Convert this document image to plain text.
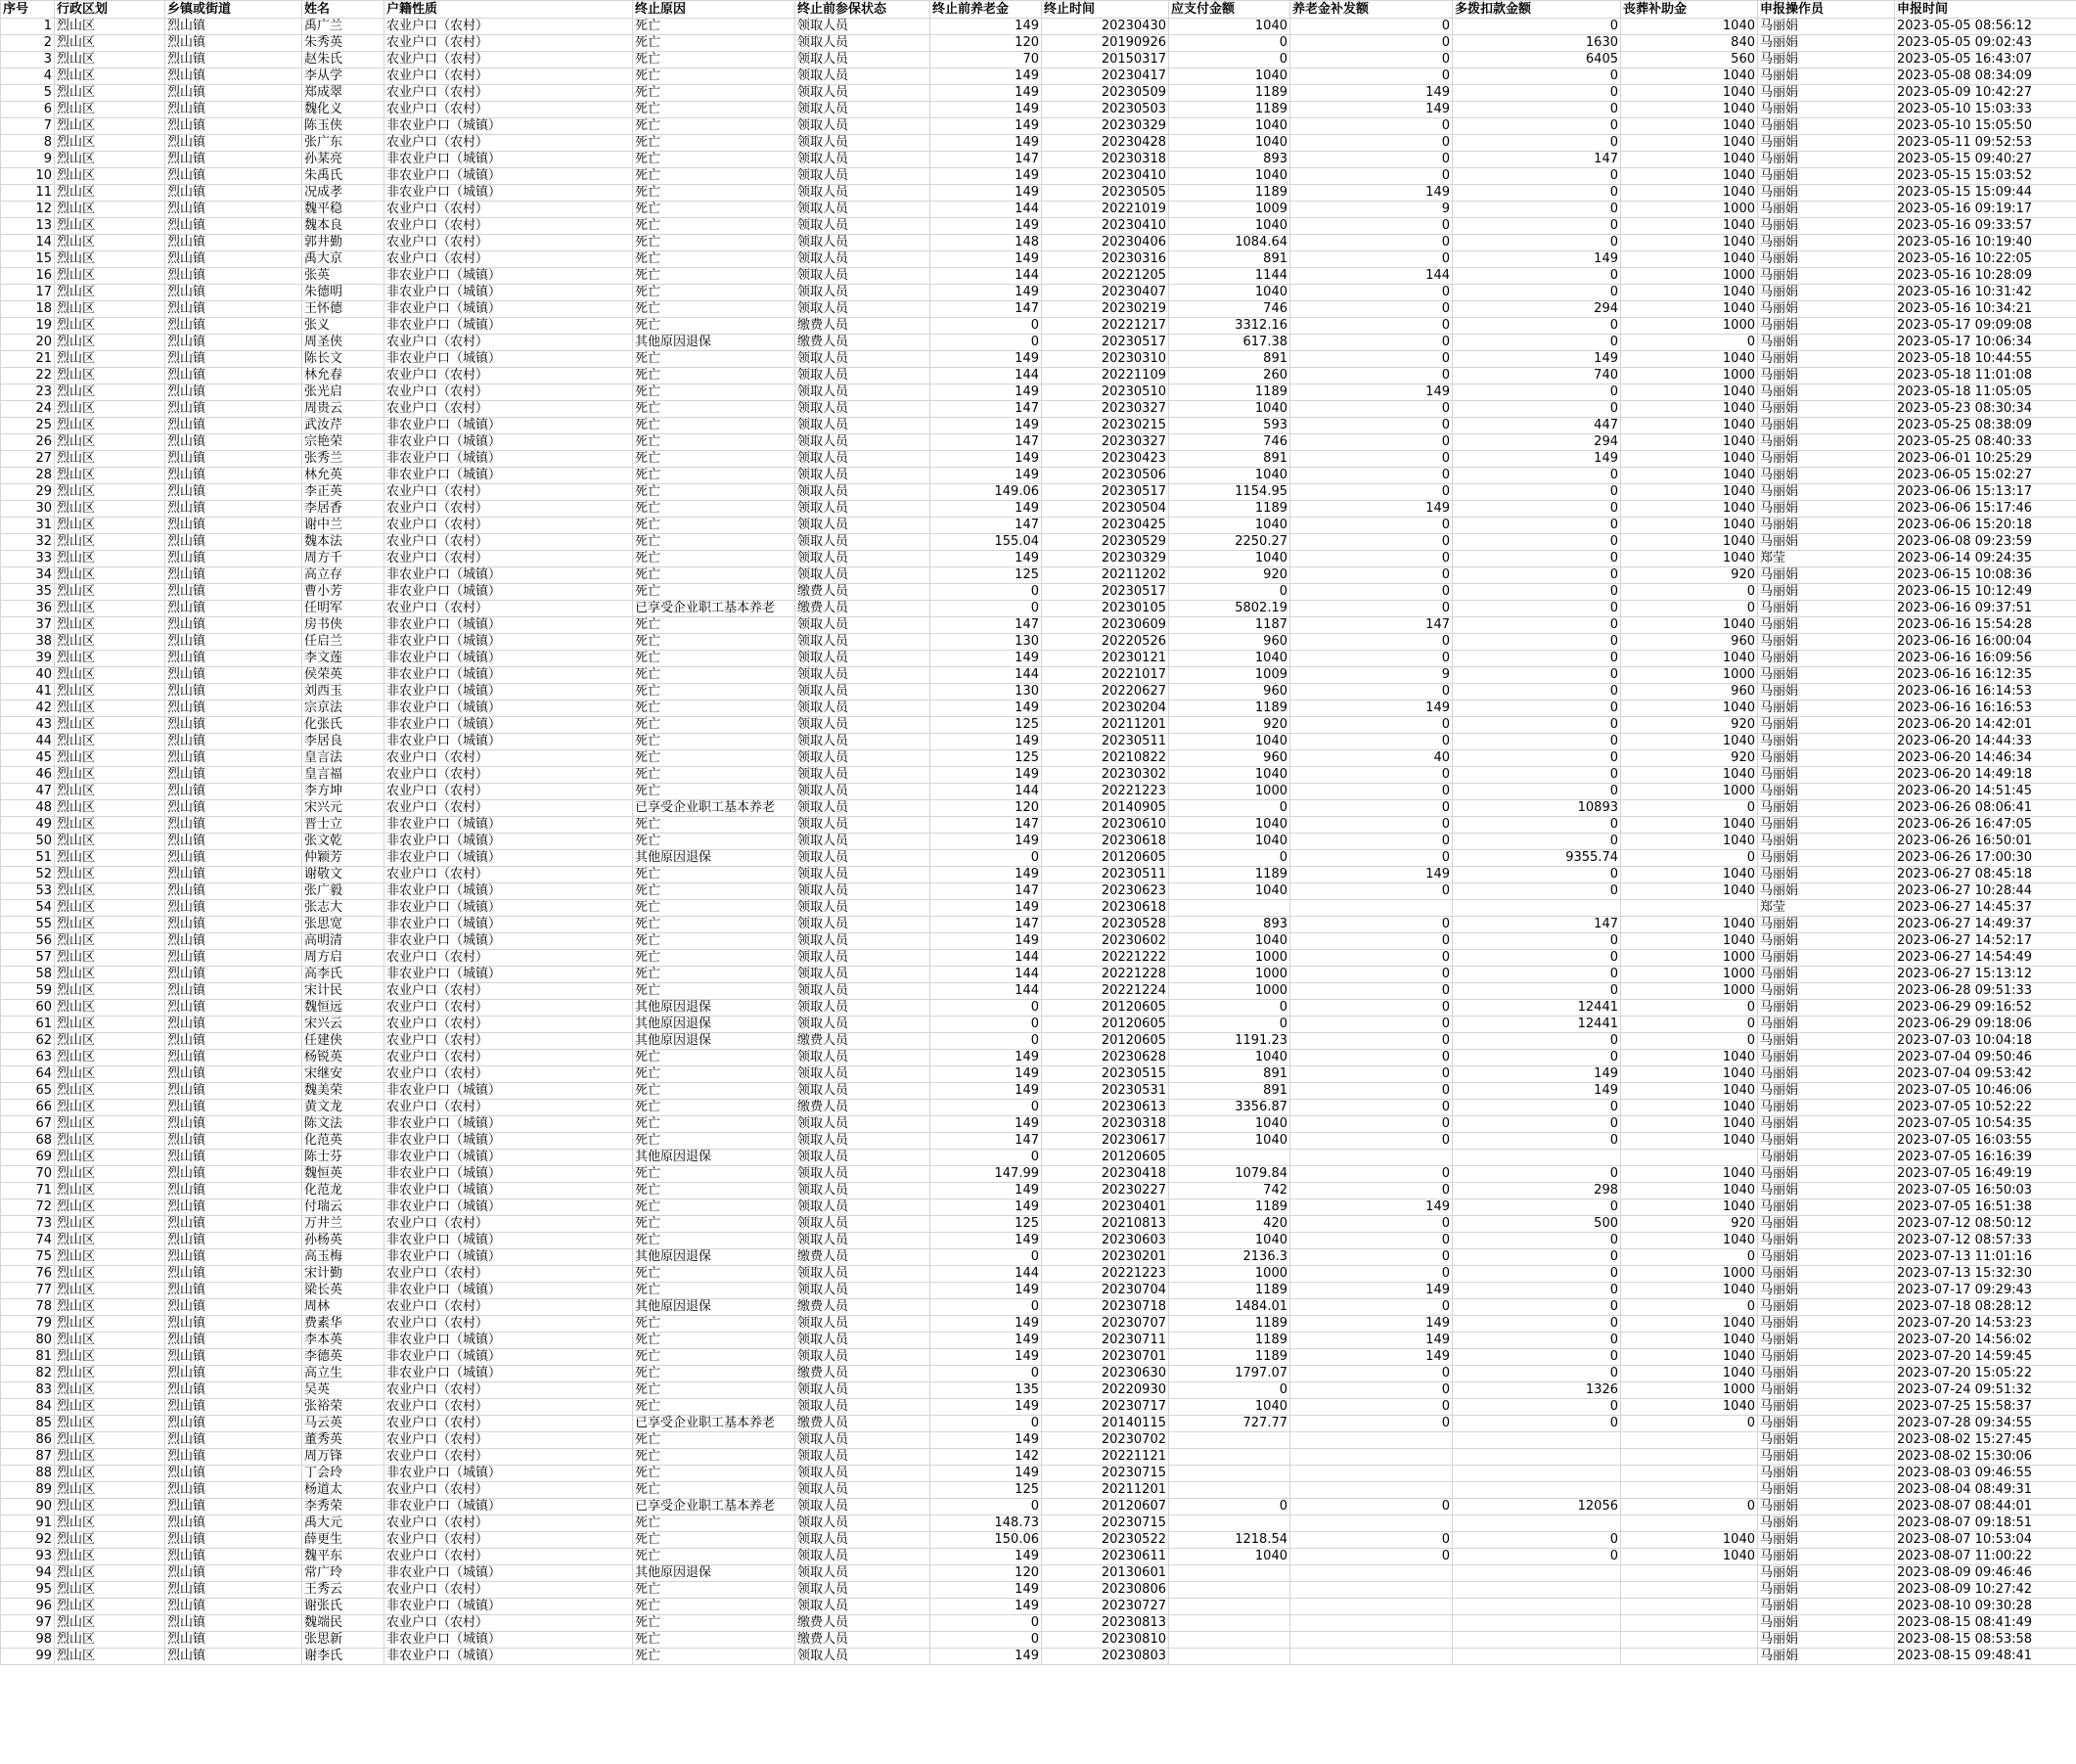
序号	行政区划	乡镇或街道	姓名	户籍性质	终止原因	终止前参保状态	终止前养老金	终止时间	应支付金额	养老金补发额	多拨扣款金额	丧葬补助金	申报操作员	申报时间
1	烈山区	烈山镇	禹广兰	农业户口（农村）	死亡	领取人员	149	20230430	1040	0	0	1040	马丽娟	2023-05-05 08:56:12
2	烈山区	烈山镇	朱秀英	农业户口（农村）	死亡	领取人员	120	20190926	0	0	1630	840	马丽娟	2023-05-05 09:02:43
3	烈山区	烈山镇	赵朱氏	农业户口（农村）	死亡	领取人员	70	20150317	0	0	6405	560	马丽娟	2023-05-05 16:43:07
4	烈山区	烈山镇	李从学	农业户口（农村）	死亡	领取人员	149	20230417	1040	0	0	1040	马丽娟	2023-05-08 08:34:09
5	烈山区	烈山镇	郑成翠	农业户口（农村）	死亡	领取人员	149	20230509	1189	149	0	1040	马丽娟	2023-05-09 10:42:27
6	烈山区	烈山镇	魏化义	农业户口（农村）	死亡	领取人员	149	20230503	1189	149	0	1040	马丽娟	2023-05-10 15:03:33
7	烈山区	烈山镇	陈玉侠	非农业户口（城镇）	死亡	领取人员	149	20230329	1040	0	0	1040	马丽娟	2023-05-10 15:05:50
8	烈山区	烈山镇	张广东	农业户口（农村）	死亡	领取人员	149	20230428	1040	0	0	1040	马丽娟	2023-05-11 09:52:53
9	烈山区	烈山镇	孙某亮	非农业户口（城镇）	死亡	领取人员	147	20230318	893	0	147	1040	马丽娟	2023-05-15 09:40:27
10	烈山区	烈山镇	朱禹氏	非农业户口（城镇）	死亡	领取人员	149	20230410	1040	0	0	1040	马丽娟	2023-05-15 15:03:52
11	烈山区	烈山镇	况成孝	非农业户口（城镇）	死亡	领取人员	149	20230505	1189	149	0	1040	马丽娟	2023-05-15 15:09:44
12	烈山区	烈山镇	魏平稳	农业户口（农村）	死亡	领取人员	144	20221019	1009	9	0	1000	马丽娟	2023-05-16 09:19:17
13	烈山区	烈山镇	魏本良	农业户口（农村）	死亡	领取人员	149	20230410	1040	0	0	1040	马丽娟	2023-05-16 09:33:57
14	烈山区	烈山镇	郭井勤	农业户口（农村）	死亡	领取人员	148	20230406	1084.64	0	0	1040	马丽娟	2023-05-16 10:19:40
15	烈山区	烈山镇	禹大京	农业户口（农村）	死亡	领取人员	149	20230316	891	0	149	1040	马丽娟	2023-05-16 10:22:05
16	烈山区	烈山镇	张英	非农业户口（城镇）	死亡	领取人员	144	20221205	1144	144	0	1000	马丽娟	2023-05-16 10:28:09
17	烈山区	烈山镇	朱德明	非农业户口（城镇）	死亡	领取人员	149	20230407	1040	0	0	1040	马丽娟	2023-05-16 10:31:42
18	烈山区	烈山镇	王怀德	非农业户口（城镇）	死亡	领取人员	147	20230219	746	0	294	1040	马丽娟	2023-05-16 10:34:21
19	烈山区	烈山镇	张义	非农业户口（城镇）	死亡	缴费人员	0	20221217	3312.16	0	0	1000	马丽娟	2023-05-17 09:09:08
20	烈山区	烈山镇	周圣侠	农业户口（农村）	其他原因退保	缴费人员	0	20230517	617.38	0	0	0	马丽娟	2023-05-17 10:06:34
21	烈山区	烈山镇	陈长文	非农业户口（城镇）	死亡	领取人员	149	20230310	891	0	149	1040	马丽娟	2023-05-18 10:44:55
22	烈山区	烈山镇	林允春	农业户口（农村）	死亡	领取人员	144	20221109	260	0	740	1000	马丽娟	2023-05-18 11:01:08
23	烈山区	烈山镇	张光启	农业户口（农村）	死亡	领取人员	149	20230510	1189	149	0	1040	马丽娟	2023-05-18 11:05:05
24	烈山区	烈山镇	周贵云	农业户口（农村）	死亡	领取人员	147	20230327	1040	0	0	1040	马丽娟	2023-05-23 08:30:34
25	烈山区	烈山镇	武汝芹	非农业户口（城镇）	死亡	领取人员	149	20230215	593	0	447	1040	马丽娟	2023-05-25 08:38:09
26	烈山区	烈山镇	宗艳荣	非农业户口（城镇）	死亡	领取人员	147	20230327	746	0	294	1040	马丽娟	2023-05-25 08:40:33
27	烈山区	烈山镇	张秀兰	非农业户口（城镇）	死亡	领取人员	149	20230423	891	0	149	1040	马丽娟	2023-06-01 10:25:29
28	烈山区	烈山镇	林允英	非农业户口（城镇）	死亡	领取人员	149	20230506	1040	0	0	1040	马丽娟	2023-06-05 15:02:27
29	烈山区	烈山镇	李正英	农业户口（农村）	死亡	领取人员	149.06	20230517	1154.95	0	0	1040	马丽娟	2023-06-06 15:13:17
30	烈山区	烈山镇	李居香	农业户口（农村）	死亡	领取人员	149	20230504	1189	149	0	1040	马丽娟	2023-06-06 15:17:46
31	烈山区	烈山镇	谢中兰	农业户口（农村）	死亡	领取人员	147	20230425	1040	0	0	1040	马丽娟	2023-06-06 15:20:18
32	烈山区	烈山镇	魏本法	农业户口（农村）	死亡	领取人员	155.04	20230529	2250.27	0	0	1040	马丽娟	2023-06-08 09:23:59
33	烈山区	烈山镇	周方千	农业户口（农村）	死亡	领取人员	149	20230329	1040	0	0	1040	郑莹	2023-06-14 09:24:35
34	烈山区	烈山镇	高立存	非农业户口（城镇）	死亡	领取人员	125	20211202	920	0	0	920	马丽娟	2023-06-15 10:08:36
35	烈山区	烈山镇	曹小芳	非农业户口（城镇）	死亡	缴费人员	0	20230517	0	0	0	0	马丽娟	2023-06-15 10:12:49
36	烈山区	烈山镇	任明军	农业户口（农村）	已享受企业职工基本养老	缴费人员	0	20230105	5802.19	0	0	0	马丽娟	2023-06-16 09:37:51
37	烈山区	烈山镇	房书侠	非农业户口（城镇）	死亡	领取人员	147	20230609	1187	147	0	1040	马丽娟	2023-06-16 15:54:28
38	烈山区	烈山镇	任启兰	非农业户口（城镇）	死亡	领取人员	130	20220526	960	0	0	960	马丽娟	2023-06-16 16:00:04
39	烈山区	烈山镇	李文莲	非农业户口（城镇）	死亡	领取人员	149	20230121	1040	0	0	1040	马丽娟	2023-06-16 16:09:56
40	烈山区	烈山镇	侯荣英	非农业户口（城镇）	死亡	领取人员	144	20221017	1009	9	0	1000	马丽娟	2023-06-16 16:12:35
41	烈山区	烈山镇	刘西玉	非农业户口（城镇）	死亡	领取人员	130	20220627	960	0	0	960	马丽娟	2023-06-16 16:14:53
42	烈山区	烈山镇	宗京法	非农业户口（城镇）	死亡	领取人员	149	20230204	1189	149	0	1040	马丽娟	2023-06-16 16:16:53
43	烈山区	烈山镇	化张氏	非农业户口（城镇）	死亡	领取人员	125	20211201	920	0	0	920	马丽娟	2023-06-20 14:42:01
44	烈山区	烈山镇	李居良	非农业户口（城镇）	死亡	领取人员	149	20230511	1040	0	0	1040	马丽娟	2023-06-20 14:44:33
45	烈山区	烈山镇	皇言法	农业户口（农村）	死亡	领取人员	125	20210822	960	40	0	920	马丽娟	2023-06-20 14:46:34
46	烈山区	烈山镇	皇言福	农业户口（农村）	死亡	领取人员	149	20230302	1040	0	0	1040	马丽娟	2023-06-20 14:49:18
47	烈山区	烈山镇	李方坤	农业户口（农村）	死亡	领取人员	144	20221223	1000	0	0	1000	马丽娟	2023-06-20 14:51:45
48	烈山区	烈山镇	宋兴元	农业户口（农村）	已享受企业职工基本养老	领取人员	120	20140905	0	0	10893	0	马丽娟	2023-06-26 08:06:41
49	烈山区	烈山镇	晋士立	非农业户口（城镇）	死亡	领取人员	147	20230610	1040	0	0	1040	马丽娟	2023-06-26 16:47:05
50	烈山区	烈山镇	张文乾	非农业户口（城镇）	死亡	领取人员	149	20230618	1040	0	0	1040	马丽娟	2023-06-26 16:50:01
51	烈山区	烈山镇	仲颖芳	非农业户口（城镇）	其他原因退保	领取人员	0	20120605	0	0	9355.74	0	马丽娟	2023-06-26 17:00:30
52	烈山区	烈山镇	谢敬文	农业户口（农村）	死亡	领取人员	149	20230511	1189	149	0	1040	马丽娟	2023-06-27 08:45:18
53	烈山区	烈山镇	张广毅	非农业户口（城镇）	死亡	领取人员	147	20230623	1040	0	0	1040	马丽娟	2023-06-27 10:28:44
54	烈山区	烈山镇	张志大	非农业户口（城镇）	死亡	领取人员	149	20230618					郑莹	2023-06-27 14:45:37
55	烈山区	烈山镇	张思宽	非农业户口（城镇）	死亡	领取人员	147	20230528	893	0	147	1040	马丽娟	2023-06-27 14:49:37
56	烈山区	烈山镇	高明清	非农业户口（城镇）	死亡	领取人员	149	20230602	1040	0	0	1040	马丽娟	2023-06-27 14:52:17
57	烈山区	烈山镇	周方启	农业户口（农村）	死亡	领取人员	144	20221222	1000	0	0	1000	马丽娟	2023-06-27 14:54:49
58	烈山区	烈山镇	高李氏	非农业户口（城镇）	死亡	领取人员	144	20221228	1000	0	0	1000	马丽娟	2023-06-27 15:13:12
59	烈山区	烈山镇	宋计民	农业户口（农村）	死亡	领取人员	144	20221224	1000	0	0	1000	马丽娟	2023-06-28 09:51:33
60	烈山区	烈山镇	魏恒远	农业户口（农村）	其他原因退保	领取人员	0	20120605	0	0	12441	0	马丽娟	2023-06-29 09:16:52
61	烈山区	烈山镇	宋兴云	农业户口（农村）	其他原因退保	领取人员	0	20120605	0	0	12441	0	马丽娟	2023-06-29 09:18:06
62	烈山区	烈山镇	任建侠	农业户口（农村）	其他原因退保	缴费人员	0	20120605	1191.23	0	0	0	马丽娟	2023-07-03 10:04:18
63	烈山区	烈山镇	杨锐英	农业户口（农村）	死亡	领取人员	149	20230628	1040	0	0	1040	马丽娟	2023-07-04 09:50:46
64	烈山区	烈山镇	宋继安	农业户口（农村）	死亡	领取人员	149	20230515	891	0	149	1040	马丽娟	2023-07-04 09:53:42
65	烈山区	烈山镇	魏美荣	非农业户口（城镇）	死亡	领取人员	149	20230531	891	0	149	1040	马丽娟	2023-07-05 10:46:06
66	烈山区	烈山镇	黄文龙	农业户口（农村）	死亡	缴费人员	0	20230613	3356.87	0	0	1040	马丽娟	2023-07-05 10:52:22
67	烈山区	烈山镇	陈文法	非农业户口（城镇）	死亡	领取人员	149	20230318	1040	0	0	1040	马丽娟	2023-07-05 10:54:35
68	烈山区	烈山镇	化范英	非农业户口（城镇）	死亡	领取人员	147	20230617	1040	0	0	1040	马丽娟	2023-07-05 16:03:55
69	烈山区	烈山镇	陈士芬	非农业户口（城镇）	其他原因退保	领取人员	0	20120605					马丽娟	2023-07-05 16:16:39
70	烈山区	烈山镇	魏恒英	非农业户口（城镇）	死亡	领取人员	147.99	20230418	1079.84	0	0	1040	马丽娟	2023-07-05 16:49:19
71	烈山区	烈山镇	化范龙	非农业户口（城镇）	死亡	领取人员	149	20230227	742	0	298	1040	马丽娟	2023-07-05 16:50:03
72	烈山区	烈山镇	付瑞云	非农业户口（城镇）	死亡	领取人员	149	20230401	1189	149	0	1040	马丽娟	2023-07-05 16:51:38
73	烈山区	烈山镇	万井兰	农业户口（农村）	死亡	领取人员	125	20210813	420	0	500	920	马丽娟	2023-07-12 08:50:12
74	烈山区	烈山镇	孙杨英	非农业户口（城镇）	死亡	领取人员	149	20230603	1040	0	0	1040	马丽娟	2023-07-12 08:57:33
75	烈山区	烈山镇	高玉梅	非农业户口（城镇）	其他原因退保	缴费人员	0	20230201	2136.3	0	0	0	马丽娟	2023-07-13 11:01:16
76	烈山区	烈山镇	宋计勤	农业户口（农村）	死亡	领取人员	144	20221223	1000	0	0	1000	马丽娟	2023-07-13 15:32:30
77	烈山区	烈山镇	梁长英	非农业户口（城镇）	死亡	领取人员	149	20230704	1189	149	0	1040	马丽娟	2023-07-17 09:29:43
78	烈山区	烈山镇	周林	农业户口（农村）	其他原因退保	缴费人员	0	20230718	1484.01	0	0	0	马丽娟	2023-07-18 08:28:12
79	烈山区	烈山镇	费素华	农业户口（农村）	死亡	领取人员	149	20230707	1189	149	0	1040	马丽娟	2023-07-20 14:53:23
80	烈山区	烈山镇	李本英	非农业户口（城镇）	死亡	领取人员	149	20230711	1189	149	0	1040	马丽娟	2023-07-20 14:56:02
81	烈山区	烈山镇	李德英	非农业户口（城镇）	死亡	领取人员	149	20230701	1189	149	0	1040	马丽娟	2023-07-20 14:59:45
82	烈山区	烈山镇	高立生	非农业户口（城镇）	死亡	缴费人员	0	20230630	1797.07	0	0	1040	马丽娟	2023-07-20 15:05:22
83	烈山区	烈山镇	吴英	农业户口（农村）	死亡	领取人员	135	20220930	0	0	1326	1000	马丽娟	2023-07-24 09:51:32
84	烈山区	烈山镇	张裕荣	农业户口（农村）	死亡	领取人员	149	20230717	1040	0	0	1040	马丽娟	2023-07-25 15:58:37
85	烈山区	烈山镇	马云英	农业户口（农村）	已享受企业职工基本养老	缴费人员	0	20140115	727.77	0	0	0	马丽娟	2023-07-28 09:34:55
86	烈山区	烈山镇	董秀英	农业户口（农村）	死亡	领取人员	149	20230702					马丽娟	2023-08-02 15:27:45
87	烈山区	烈山镇	周万锋	农业户口（农村）	死亡	领取人员	142	20221121					马丽娟	2023-08-02 15:30:06
88	烈山区	烈山镇	丁会玲	非农业户口（城镇）	死亡	领取人员	149	20230715					马丽娟	2023-08-03 09:46:55
89	烈山区	烈山镇	杨道太	农业户口（农村）	死亡	领取人员	125	20211201					马丽娟	2023-08-04 08:49:31
90	烈山区	烈山镇	李秀荣	非农业户口（城镇）	已享受企业职工基本养老	领取人员	0	20120607	0	0	12056	0	马丽娟	2023-08-07 08:44:01
91	烈山区	烈山镇	禹大元	农业户口（农村）	死亡	领取人员	148.73	20230715					马丽娟	2023-08-07 09:18:51
92	烈山区	烈山镇	薛更生	农业户口（农村）	死亡	领取人员	150.06	20230522	1218.54	0	0	1040	马丽娟	2023-08-07 10:53:04
93	烈山区	烈山镇	魏平东	农业户口（农村）	死亡	领取人员	149	20230611	1040	0	0	1040	马丽娟	2023-08-07 11:00:22
94	烈山区	烈山镇	常广玲	非农业户口（城镇）	其他原因退保	领取人员	120	20130601					马丽娟	2023-08-09 09:46:46
95	烈山区	烈山镇	王秀云	农业户口（农村）	死亡	领取人员	149	20230806					马丽娟	2023-08-09 10:27:42
96	烈山区	烈山镇	谢张氏	非农业户口（城镇）	死亡	领取人员	149	20230727					马丽娟	2023-08-10 09:30:28
97	烈山区	烈山镇	魏端民	农业户口（农村）	死亡	缴费人员	0	20230813					马丽娟	2023-08-15 08:41:49
98	烈山区	烈山镇	张思新	非农业户口（城镇）	死亡	缴费人员	0	20230810					马丽娟	2023-08-15 08:53:58
99	烈山区	烈山镇	谢李氏	非农业户口（城镇）	死亡	领取人员	149	20230803					马丽娟	2023-08-15 09:48:41
